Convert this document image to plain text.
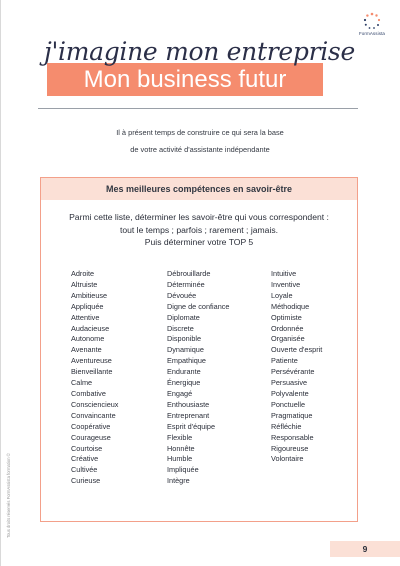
FormAssista
j'imagine mon entreprise
Mon business futur
Il à présent temps de construire ce qui sera la base
de votre activité d'assistante indépendante
Mes meilleures compétences en savoir-être
Parmi cette liste, déterminer les savoir-être qui vous correspondent :
tout le temps ; parfois ; rarement ; jamais.
Puis déterminer votre TOP 5
Adroite
Altruiste
Ambitieuse
Appliquée
Attentive
Audacieuse
Autonome
Avenante
Aventureuse
Bienveillante
Calme
Combative
Consciencieux
Convaincante
Coopérative
Courageuse
Courtoise
Créative
Cultivée
Curieuse
Débrouillarde
Déterminée
Dévouée
Digne de confiance
Diplomate
Discrete
Disponible
Dynamique
Empathique
Endurante
Énergique
Engagé
Enthousiaste
Entreprenant
Esprit d'équipe
Flexible
Honnête
Humble
Impliquée
Intègre
Intuitive
Inventive
Loyale
Méthodique
Optimiste
Ordonnée
Organisée
Ouverte d'esprit
Patiente
Persévérante
Persuasive
Polyvalente
Ponctuelle
Pragmatique
Réfléchie
Responsable
Rigoureuse
Volontaire
Tous droits réservés FormAssista formation ©
9
